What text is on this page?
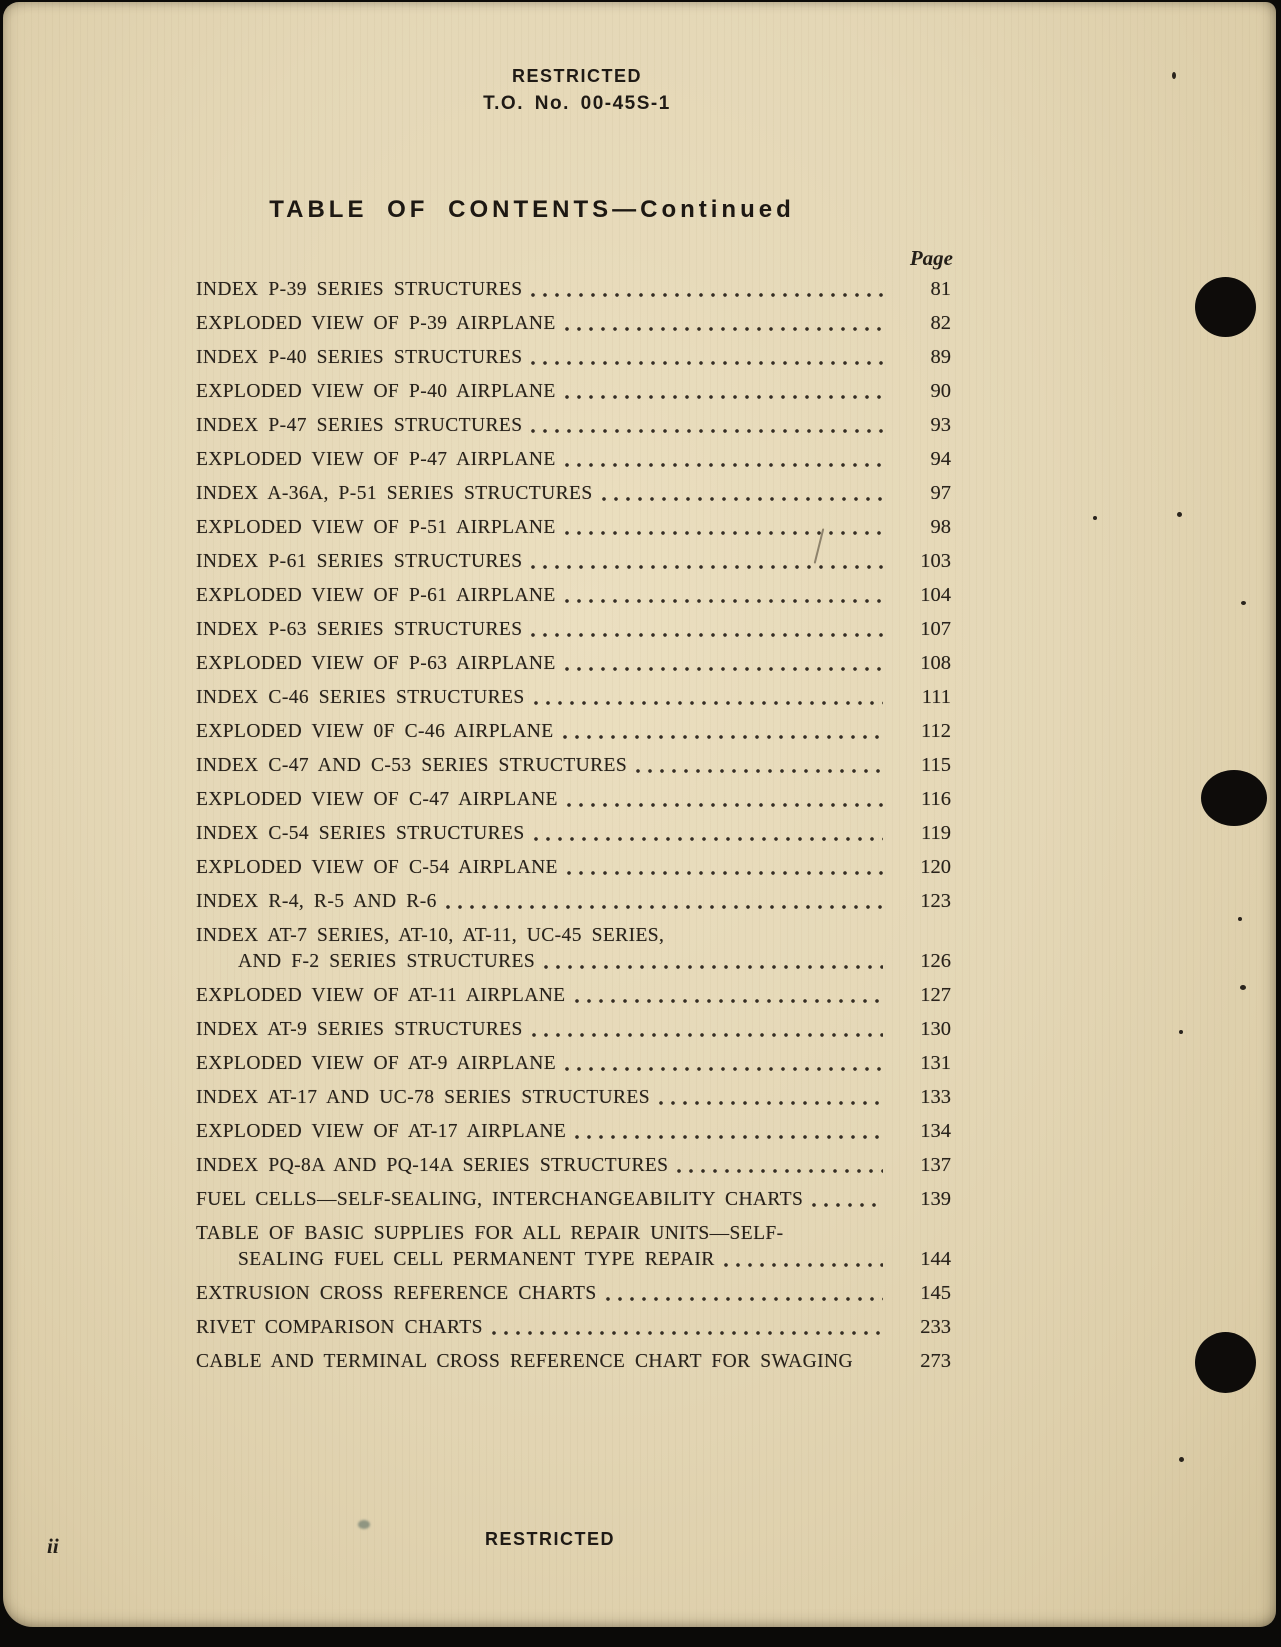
RESTRICTED
T.O. No. 00-45S-1
TABLE OF CONTENTS—Continued
Page
INDEX P-39 SERIES STRUCTURES	81
EXPLODED VIEW OF P-39 AIRPLANE	82
INDEX P-40 SERIES STRUCTURES	89
EXPLODED VIEW OF P-40 AIRPLANE	90
INDEX P-47 SERIES STRUCTURES	93
EXPLODED VIEW OF P-47 AIRPLANE	94
INDEX A-36A, P-51 SERIES STRUCTURES	97
EXPLODED VIEW OF P-51 AIRPLANE	98
INDEX P-61 SERIES STRUCTURES	103
EXPLODED VIEW OF P-61 AIRPLANE	104
INDEX P-63 SERIES STRUCTURES	107
EXPLODED VIEW OF P-63 AIRPLANE	108
INDEX C-46 SERIES STRUCTURES	111
EXPLODED VIEW 0F C-46 AIRPLANE	112
INDEX C-47 AND C-53 SERIES STRUCTURES	115
EXPLODED VIEW OF C-47 AIRPLANE	116
INDEX C-54 SERIES STRUCTURES	119
EXPLODED VIEW OF C-54 AIRPLANE	120
INDEX R-4, R-5 AND R-6	123
INDEX AT-7 SERIES, AT-10, AT-11, UC-45 SERIES,
AND F-2 SERIES STRUCTURES	126
EXPLODED VIEW OF AT-11 AIRPLANE	127
INDEX AT-9 SERIES STRUCTURES	130
EXPLODED VIEW OF AT-9 AIRPLANE	131
INDEX AT-17 AND UC-78 SERIES STRUCTURES	133
EXPLODED VIEW OF AT-17 AIRPLANE	134
INDEX PQ-8A AND PQ-14A SERIES STRUCTURES	137
FUEL CELLS—SELF-SEALING, INTERCHANGEABILITY CHARTS	139
TABLE OF BASIC SUPPLIES FOR ALL REPAIR UNITS—SELF-
SEALING FUEL CELL PERMANENT TYPE REPAIR	144
EXTRUSION CROSS REFERENCE CHARTS	145
RIVET COMPARISON CHARTS	233
CABLE AND TERMINAL CROSS REFERENCE CHART FOR SWAGING	273
ii	RESTRICTED
